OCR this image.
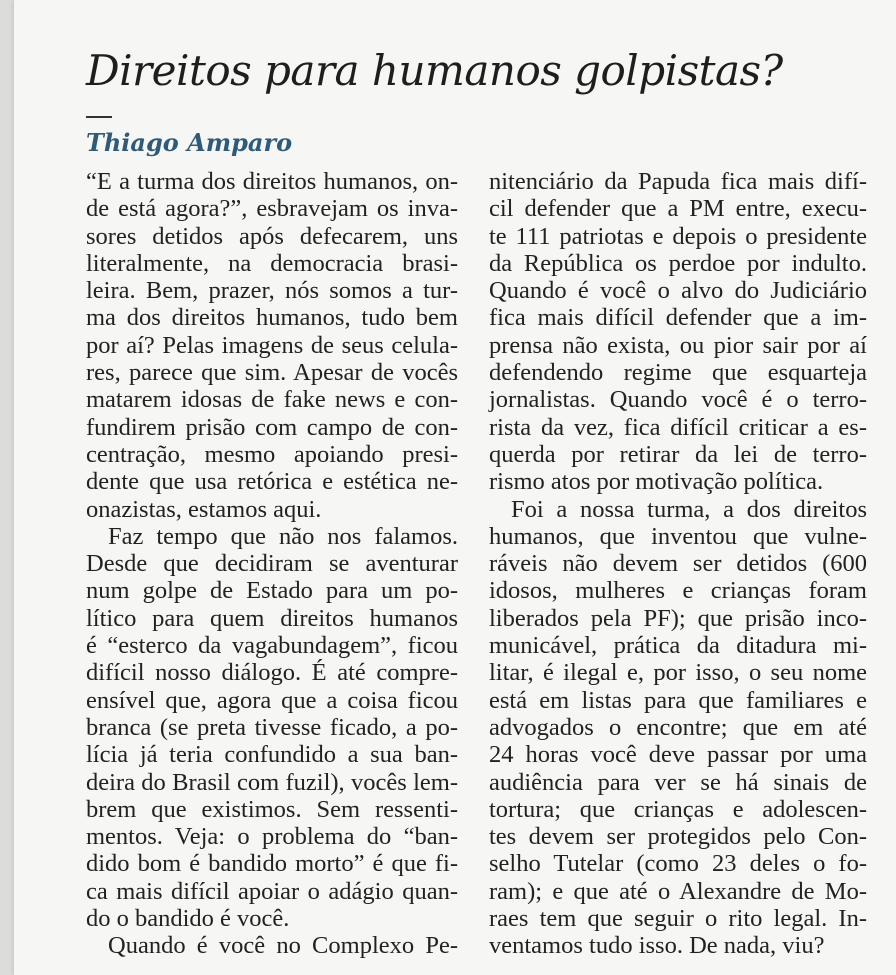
Direitos para humanos golpistas?
Thiago Amparo
“E a turma dos direitos humanos, on-
de está agora?”, esbravejam os inva-
sores detidos após defecarem, uns
literalmente, na democracia brasi-
leira. Bem, prazer, nós somos a tur-
ma dos direitos humanos, tudo bem
por aí? Pelas imagens de seus celula-
res, parece que sim. Apesar de vocês
matarem idosas de fake news e con-
fundirem prisão com campo de con-
centração, mesmo apoiando presi-
dente que usa retórica e estética ne-
onazistas, estamos aqui.
Faz tempo que não nos falamos.
Desde que decidiram se aventurar
num golpe de Estado para um po-
lítico para quem direitos humanos
é “esterco da vagabundagem”, ficou
difícil nosso diálogo. É até compre-
ensível que, agora que a coisa ficou
branca (se preta tivesse ficado, a po-
lícia já teria confundido a sua ban-
deira do Brasil com fuzil), vocês lem-
brem que existimos. Sem ressenti-
mentos. Veja: o problema do “ban-
dido bom é bandido morto” é que fi-
ca mais difícil apoiar o adágio quan-
do o bandido é você.
Quando é você no Complexo Pe-
nitenciário da Papuda fica mais difí-
cil defender que a PM entre, execu-
te 111 patriotas e depois o presidente
da República os perdoe por indulto.
Quando é você o alvo do Judiciário
fica mais difícil defender que a im-
prensa não exista, ou pior sair por aí
defendendo regime que esquarteja
jornalistas. Quando você é o terro-
rista da vez, fica difícil criticar a es-
querda por retirar da lei de terro-
rismo atos por motivação política.
Foi a nossa turma, a dos direitos
humanos, que inventou que vulne-
ráveis não devem ser detidos (600
idosos, mulheres e crianças foram
liberados pela PF); que prisão inco-
municável, prática da ditadura mi-
litar, é ilegal e, por isso, o seu nome
está em listas para que familiares e
advogados o encontre; que em até
24 horas você deve passar por uma
audiência para ver se há sinais de
tortura; que crianças e adolescen-
tes devem ser protegidos pelo Con-
selho Tutelar (como 23 deles o fo-
ram); e que até o Alexandre de Mo-
raes tem que seguir o rito legal. In-
ventamos tudo isso. De nada, viu?
